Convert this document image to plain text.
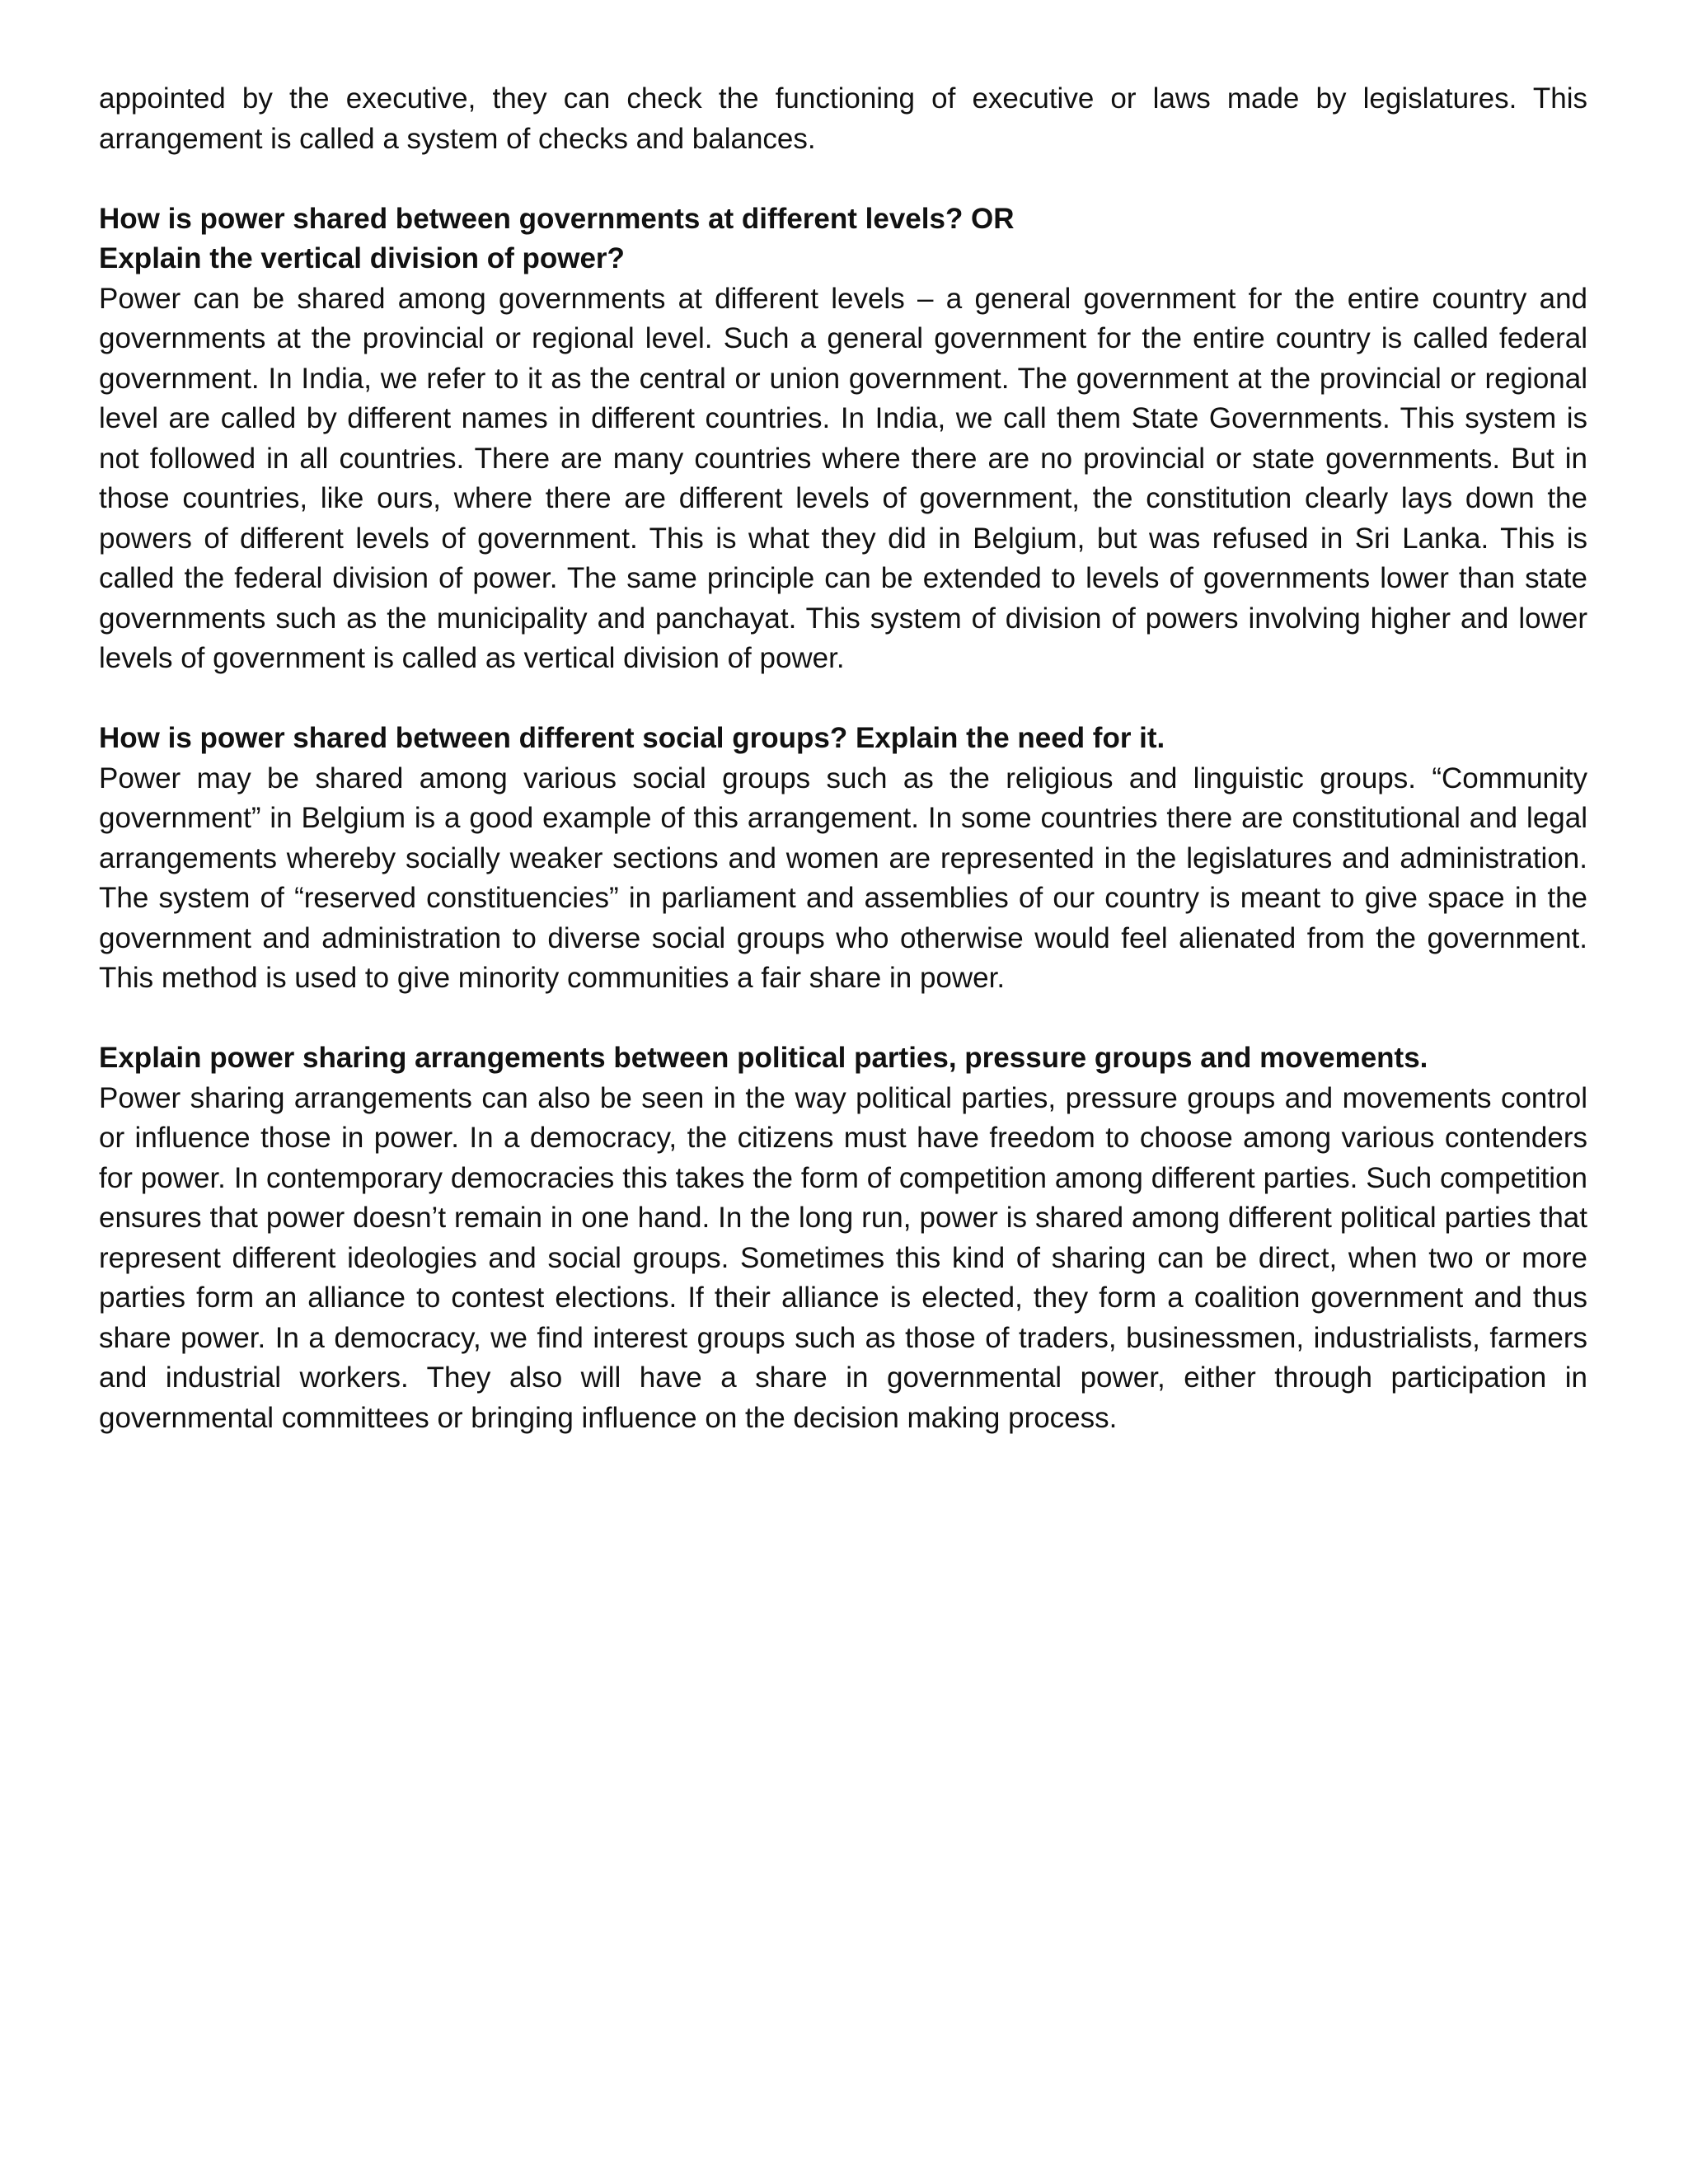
appointed by the executive, they can check the functioning of executive or laws made by legislatures. This arrangement is called a system of checks and balances.

How is power shared between governments at different levels? OR

Explain the vertical division of power?

Power can be shared among governments at different levels – a general government for the entire country and governments at the provincial or regional level. Such a general government for the entire country is called federal government. In India, we refer to it as the central or union government. The government at the provincial or regional level are called by different names in different countries. In India, we call them State Governments. This system is not followed in all countries. There are many countries where there are no provincial or state governments. But in those countries, like ours, where there are different levels of government, the constitution clearly lays down the powers of different levels of government. This is what they did in Belgium, but was refused in Sri Lanka. This is called the federal division of power. The same principle can be extended to levels of governments lower than state governments such as the municipality and panchayat. This system of division of powers involving higher and lower levels of government is called as vertical division of power.

How is power shared between different social groups? Explain the need for it.

Power may be shared among various social groups such as the religious and linguistic groups. “Community government” in Belgium is a good example of this arrangement. In some countries there are constitutional and legal arrangements whereby socially weaker sections and women are represented in the legislatures and administration. The system of “reserved constituencies” in parliament and assemblies of our country is meant to give space in the government and administration to diverse social groups who otherwise would feel alienated from the government. This method is used to give minority communities a fair share in power.

Explain power sharing arrangements between political parties, pressure groups and movements.

Power sharing arrangements can also be seen in the way political parties, pressure groups and movements control or influence those in power. In a democracy, the citizens must have freedom to choose among various contenders for power. In contemporary democracies this takes the form of competition among different parties. Such competition ensures that power doesn’t remain in one hand. In the long run, power is shared among different political parties that represent different ideologies and social groups. Sometimes this kind of sharing can be direct, when two or more parties form an alliance to contest elections. If their alliance is elected, they form a coalition government and thus share power. In a democracy, we find interest groups such as those of traders, businessmen, industrialists, farmers and industrial workers. They also will have a share in governmental power, either through participation in governmental committees or bringing influence on the decision making process.
